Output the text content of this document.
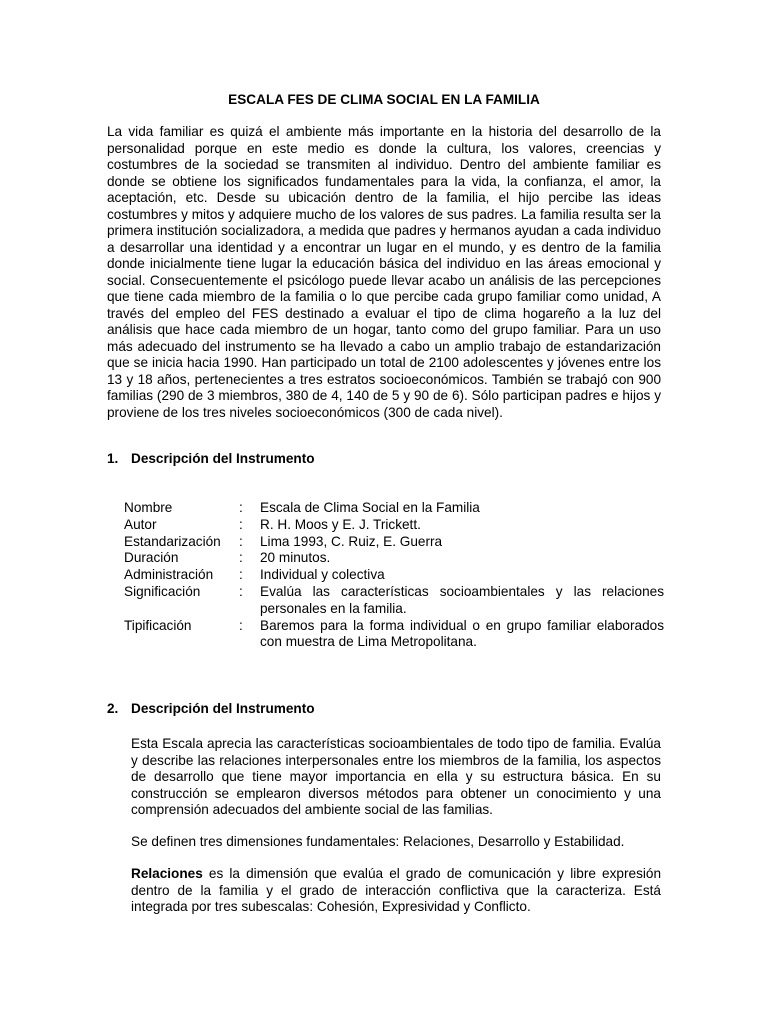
ESCALA FES DE CLIMA SOCIAL EN LA FAMILIA

La vida familiar es quizá el ambiente más importante en la historia del desarrollo de la personalidad porque en este medio es donde la cultura, los valores, creencias y costumbres de la sociedad se transmiten al individuo. Dentro del ambiente familiar es donde se obtiene los significados fundamentales para la vida, la confianza, el amor, la aceptación, etc. Desde su ubicación dentro de la familia, el hijo percibe las ideas costumbres y mitos y adquiere mucho de los valores de sus padres. La familia resulta ser la primera institución socializadora, a medida que padres y hermanos ayudan a cada individuo a desarrollar una identidad y a encontrar un lugar en el mundo, y es dentro de la familia donde inicialmente tiene lugar la educación básica del individuo en las áreas emocional y social. Consecuentemente el psicólogo puede llevar acabo un análisis de las percepciones que tiene cada miembro de la familia o lo que percibe cada grupo familiar como unidad, A través del empleo del FES destinado a evaluar el tipo de clima hogareño a la luz del análisis que hace cada miembro de un hogar, tanto como del grupo familiar. Para un uso más adecuado del instrumento se ha llevado a cabo un amplio trabajo de estandarización que se inicia hacia 1990. Han participado un total de 2100 adolescentes y jóvenes entre los 13 y 18 años, pertenecientes a tres estratos socioeconómicos. También se trabajó con 900 familias (290 de 3 miembros, 380 de 4, 140 de 5 y 90 de 6). Sólo participan padres e hijos y proviene de los tres niveles socioeconómicos (300 de cada nivel).

1. Descripción del Instrumento
Nombre	:	Escala de Clima Social en la Familia
Autor	:	R. H. Moos y E. J. Trickett.
Estandarización	:	Lima 1993, C. Ruiz, E. Guerra
Duración	:	20 minutos.
Administración	:	Individual y colectiva
Significación	:	Evalúa las características socioambientales y las relaciones personales en la familia.
Tipificación	:	Baremos para la forma individual o en grupo familiar elaborados con muestra de Lima Metropolitana.
2. Descripción del Instrumento

Esta Escala aprecia las características socioambientales de todo tipo de familia. Evalúa y describe las relaciones interpersonales entre los miembros de la familia, los aspectos de desarrollo que tiene mayor importancia en ella y su estructura básica. En su construcción se emplearon diversos métodos para obtener un conocimiento y una comprensión adecuados del ambiente social de las familias.

Se definen tres dimensiones fundamentales: Relaciones, Desarrollo y Estabilidad.

Relaciones es la dimensión que evalúa el grado de comunicación y libre expresión dentro de la familia y el grado de interacción conflictiva que la caracteriza. Está integrada por tres subescalas: Cohesión, Expresividad y Conflicto.
